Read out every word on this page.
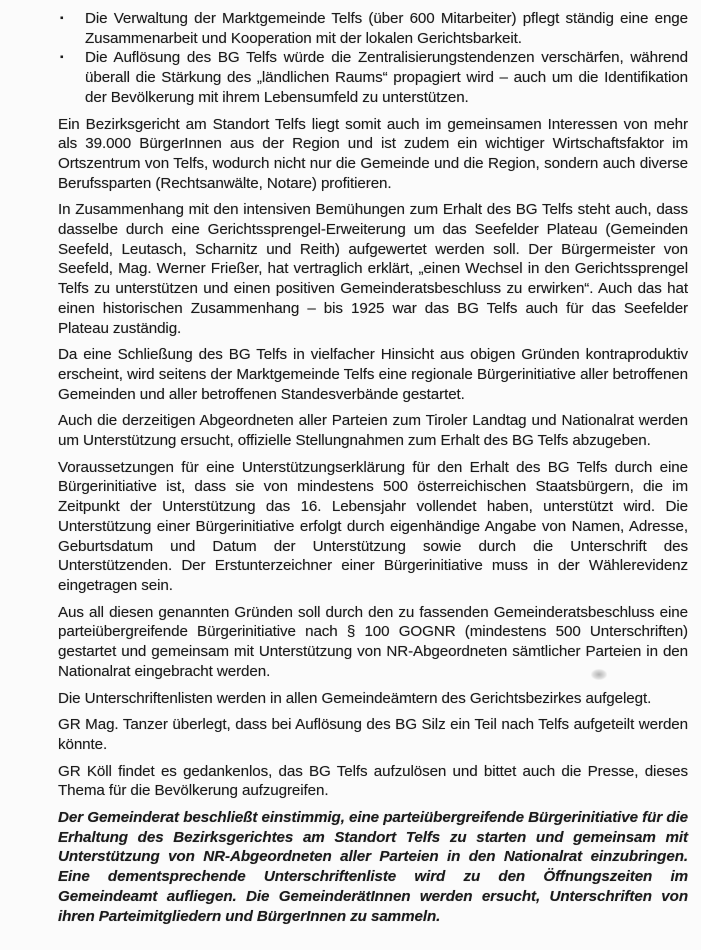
▪	Die Verwaltung der Marktgemeinde Telfs (über 600 Mitarbeiter) pflegt ständig eine enge Zusammenarbeit und Kooperation mit der lokalen Gerichtsbarkeit.
▪	Die Auflösung des BG Telfs würde die Zentralisierungstendenzen verschärfen, während überall die Stärkung des „ländlichen Raums“ propagiert wird – auch um die Identifikation der Bevölkerung mit ihrem Lebensumfeld zu unterstützen.

Ein Bezirksgericht am Standort Telfs liegt somit auch im gemeinsamen Interessen von mehr als 39.000 BürgerInnen aus der Region und ist zudem ein wichtiger Wirtschaftsfaktor im Ortszentrum von Telfs, wodurch nicht nur die Gemeinde und die Region, sondern auch diverse Berufssparten (Rechtsanwälte, Notare) profitieren.

In Zusammenhang mit den intensiven Bemühungen zum Erhalt des BG Telfs steht auch, dass dasselbe durch eine Gerichtssprengel-Erweiterung um das Seefelder Plateau (Gemeinden Seefeld, Leutasch, Scharnitz und Reith) aufgewertet werden soll. Der Bürgermeister von Seefeld, Mag. Werner Frießer, hat vertraglich erklärt, „einen Wechsel in den Gerichtssprengel Telfs zu unterstützen und einen positiven Gemeinderatsbeschluss zu erwirken“. Auch das hat einen historischen Zusammenhang – bis 1925 war das BG Telfs auch für das Seefelder Plateau zuständig.

Da eine Schließung des BG Telfs in vielfacher Hinsicht aus obigen Gründen kontraproduktiv erscheint, wird seitens der Marktgemeinde Telfs eine regionale Bürgerinitiative aller betroffenen Gemeinden und aller betroffenen Standesverbände gestartet.

Auch die derzeitigen Abgeordneten aller Parteien zum Tiroler Landtag und Nationalrat werden um Unterstützung ersucht, offizielle Stellungnahmen zum Erhalt des BG Telfs abzugeben.

Voraussetzungen für eine Unterstützungserklärung für den Erhalt des BG Telfs durch eine Bürgerinitiative ist, dass sie von mindestens 500 österreichischen Staatsbürgern, die im Zeitpunkt der Unterstützung das 16. Lebensjahr vollendet haben, unterstützt wird. Die Unterstützung einer Bürgerinitiative erfolgt durch eigenhändige Angabe von Namen, Adresse, Geburtsdatum und Datum der Unterstützung sowie durch die Unterschrift des Unterstützenden. Der Erstunterzeichner einer Bürgerinitiative muss in der Wählerevidenz eingetragen sein.

Aus all diesen genannten Gründen soll durch den zu fassenden Gemeinderatsbeschluss eine parteiübergreifende Bürgerinitiative nach § 100 GOGNR (mindestens 500 Unterschriften) gestartet und gemeinsam mit Unterstützung von NR-Abgeordneten sämtlicher Parteien in den Nationalrat eingebracht werden.

Die Unterschriftenlisten werden in allen Gemeindeämtern des Gerichtsbezirkes aufgelegt.

GR Mag. Tanzer überlegt, dass bei Auflösung des BG Silz ein Teil nach Telfs aufgeteilt werden könnte.

GR Köll findet es gedankenlos, das BG Telfs aufzulösen und bittet auch die Presse, dieses Thema für die Bevölkerung aufzugreifen.

Der Gemeinderat beschließt einstimmig, eine parteiübergreifende Bürgerinitiative für die Erhaltung des Bezirksgerichtes am Standort Telfs zu starten und gemeinsam mit Unterstützung von NR-Abgeordneten aller Parteien in den Nationalrat einzubringen. Eine dementsprechende Unterschriftenliste wird zu den Öffnungszeiten im Gemeindeamt aufliegen. Die GemeinderätInnen werden ersucht, Unterschriften von ihren Parteimitgliedern und BürgerInnen zu sammeln.
